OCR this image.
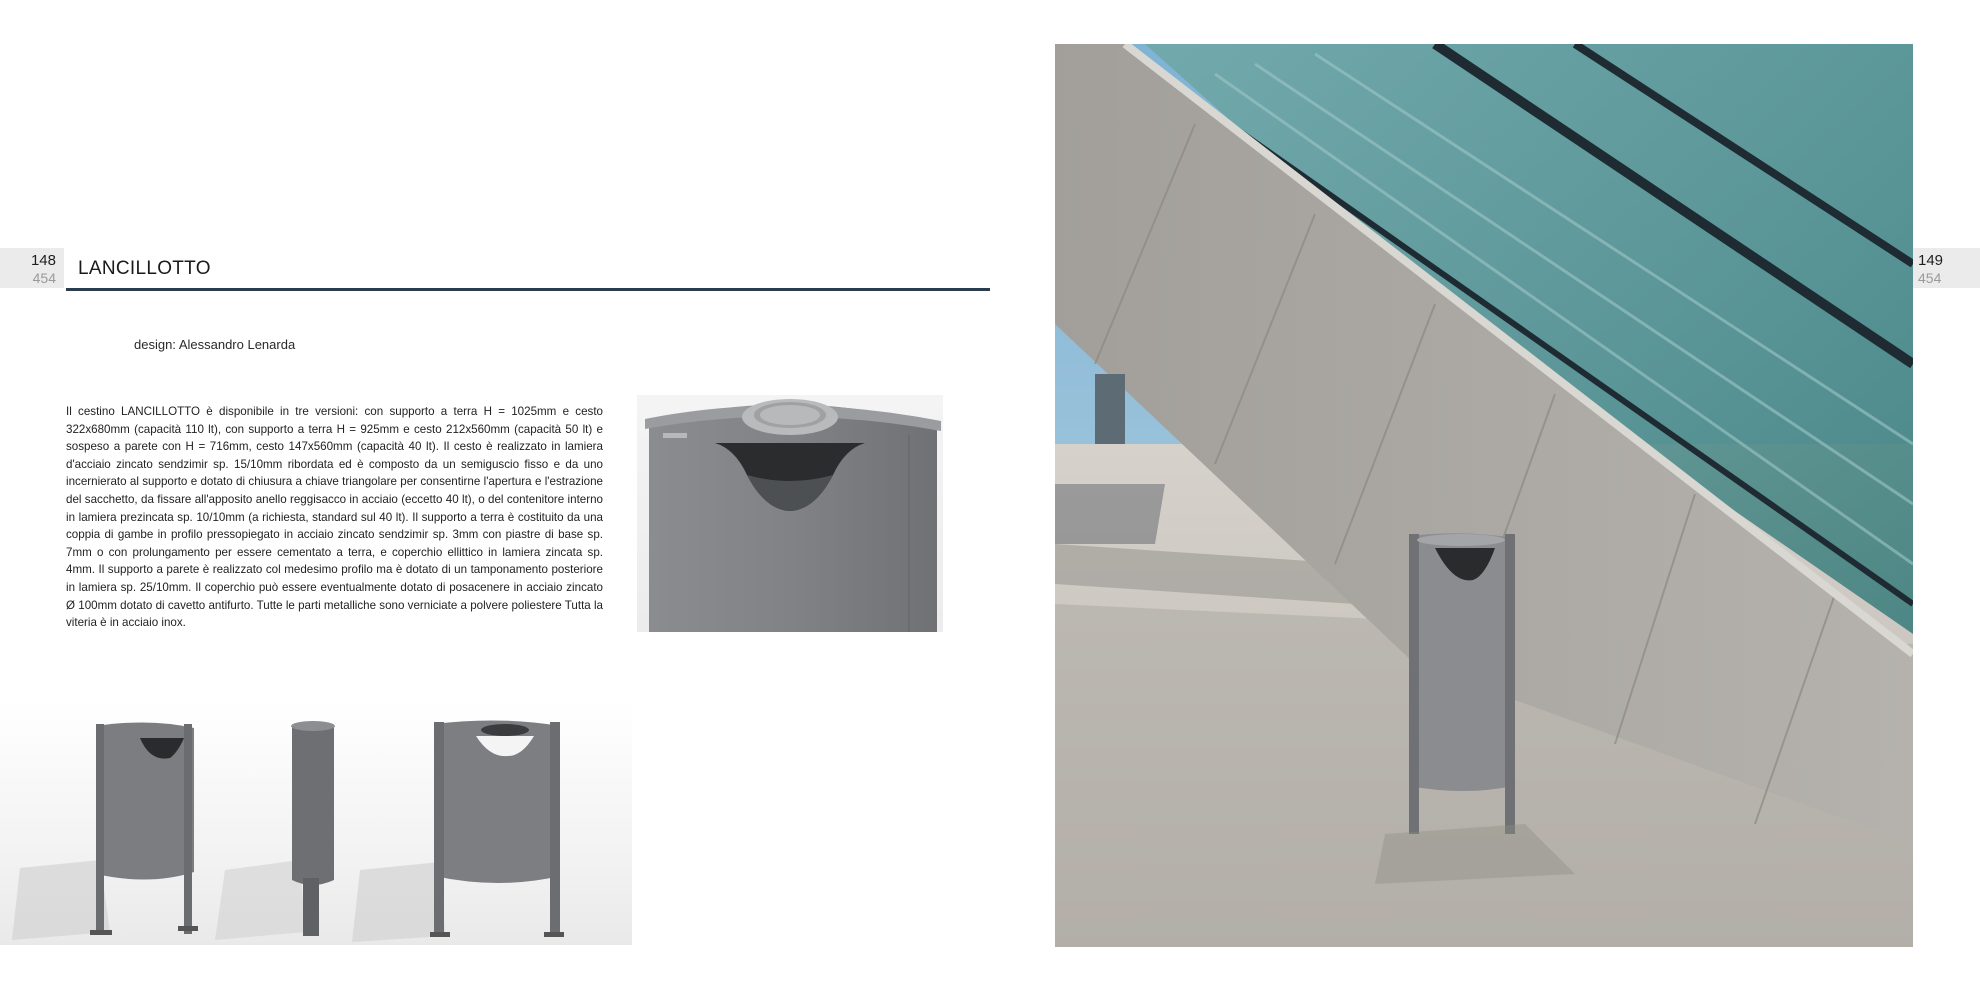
148
454
149
454
LANCILLOTTO
design: Alessandro Lenarda

Il cestino LANCILLOTTO è disponibile in tre versioni: con supporto a terra H = 1025mm e cesto 322x680mm (capacità 110 lt), con supporto a terra H = 925mm e cesto 212x560mm (capacità 50 lt) e sospeso a parete con H = 716mm, cesto 147x560mm (capacità 40 lt). Il cesto è realizzato in lamiera d'acciaio zincato sendzimir sp. 15/10mm ribordata ed è composto da un semiguscio fisso e da uno incernierato al supporto e dotato di chiusura a chiave triangolare per consentirne l'apertura e l'estrazione del sacchetto, da fissare all'apposito anello reggisacco in acciaio (eccetto 40 lt), o del contenitore interno in lamiera prezincata sp. 10/10mm (a richiesta, standard sul 40 lt). Il supporto a terra è costituito da una coppia di gambe in profilo pressopiegato in acciaio zincato sendzimir sp. 3mm con piastre di base sp. 7mm o con prolungamento per essere cementato a terra, e coperchio ellittico in lamiera zincata sp. 4mm. Il supporto a parete è realizzato col medesimo profilo ma è dotato di un tamponamento posteriore in lamiera sp. 25/10mm. Il coperchio può essere eventualmente dotato di posacenere in acciaio zincato Ø 100mm dotato di cavetto antifurto. Tutte le parti metalliche sono verniciate a polvere poliestere Tutta la viteria è in acciaio inox.
